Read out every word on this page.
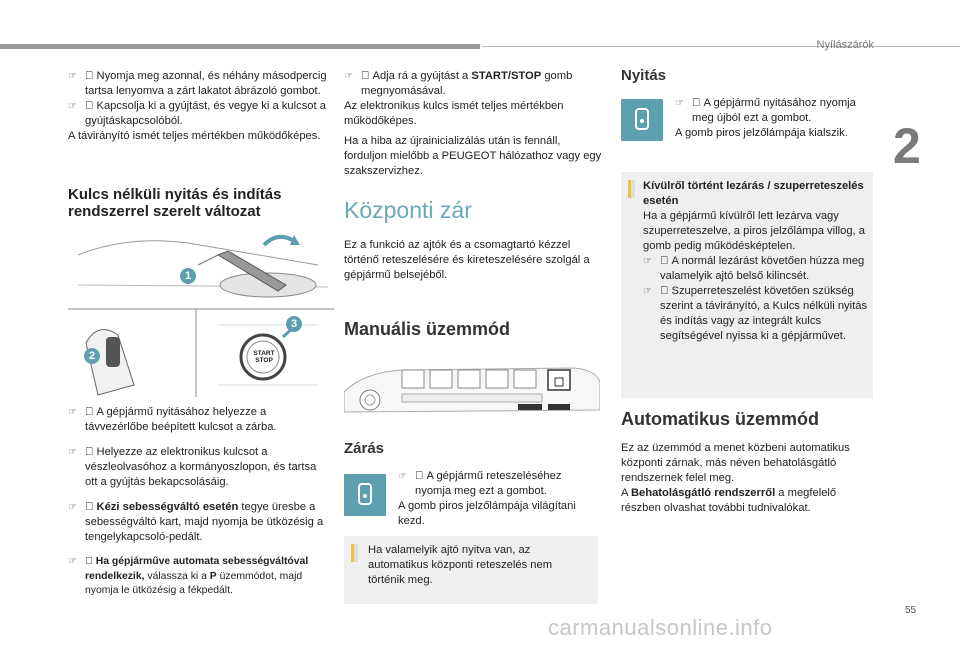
Nyílászárók
2
55
carmanualsonline.info

☞ Nyomja meg azonnal, és néhány másodpercig tartsa lenyomva a zárt lakatot ábrázoló gombot.

☞ Kapcsolja ki a gyújtást, és vegye ki a kulcsot a gyújtáskapcsolóból.

A távirányító ismét teljes mértékben működőképes.

Kulcs nélküli nyitás és indítás rendszerrel szerelt változat
1
2
3
START
STOP

☞ A gépjármű nyitásához helyezze a távvezérlőbe beépített kulcsot a zárba.

☞ Helyezze az elektronikus kulcsot a vészleolvasóhoz a kormányoszlopon, és tartsa ott a gyújtás bekapcsolásáig.

☞ Kézi sebességváltó esetén tegye üresbe a sebességváltó kart, majd nyomja be ütközésig a tengelykapcsoló-pedált.

☞ Ha gépjárművе automata sebességváltóval rendelkezik, válassza ki a P üzemmódot, majd nyomja le ütközésig a fékpedált.

☞ Adja rá a gyújtást a START/STOP gomb megnyomásával.

Az elektronikus kulcs ismét teljes mértékben működőképes.

Ha a hiba az újrainicializálás után is fennáll, forduljon mielőbb a PEUGEOT hálózathoz vagy egy szakszervizhez.

Központi zár
Ez a funkció az ajtók és a csomagtartó kézzel történő reteszelésére és kireteszelésére szolgál a gépjármű belsejéből.
Manuális üzemmód
Zárás

☞ A gépjármű reteszeléséhez nyomja meg ezt a gombot.
A gomb piros jelzőlámpája világítani kezd.
Ha valamelyik ajtó nyitva van, az automatikus központi reteszelés nem történik meg.
Nyitás

☞ A gépjármű nyitásához nyomja meg újból ezt a gombot.
A gomb piros jelzőlámpája kialszik.
Kívülről történt lezárás / szuperreteszelés esetén

Ha a gépjármű kívülről lett lezárva vagy szuperreteszelve, a piros jelzőlámpa villog, a gomb pedig működésképtelen.

☞ A normál lezárást követően húzza meg valamelyik ajtó belső kilincsét.

☞ Szuperreteszelést követően szükség szerint a távirányító, a Kulcs nélküli nyitás és indítás vagy az integrált kulcs segítségével nyissa ki a gépjárművet.
Automatikus üzemmód

Ez az üzemmód a menet közbeni automatikus központi zárnak, más néven behatolásgátló rendszernek felel meg.

A Behatolásgátló rendszerről a megfelelő részben olvashat további tudnivalókat.
